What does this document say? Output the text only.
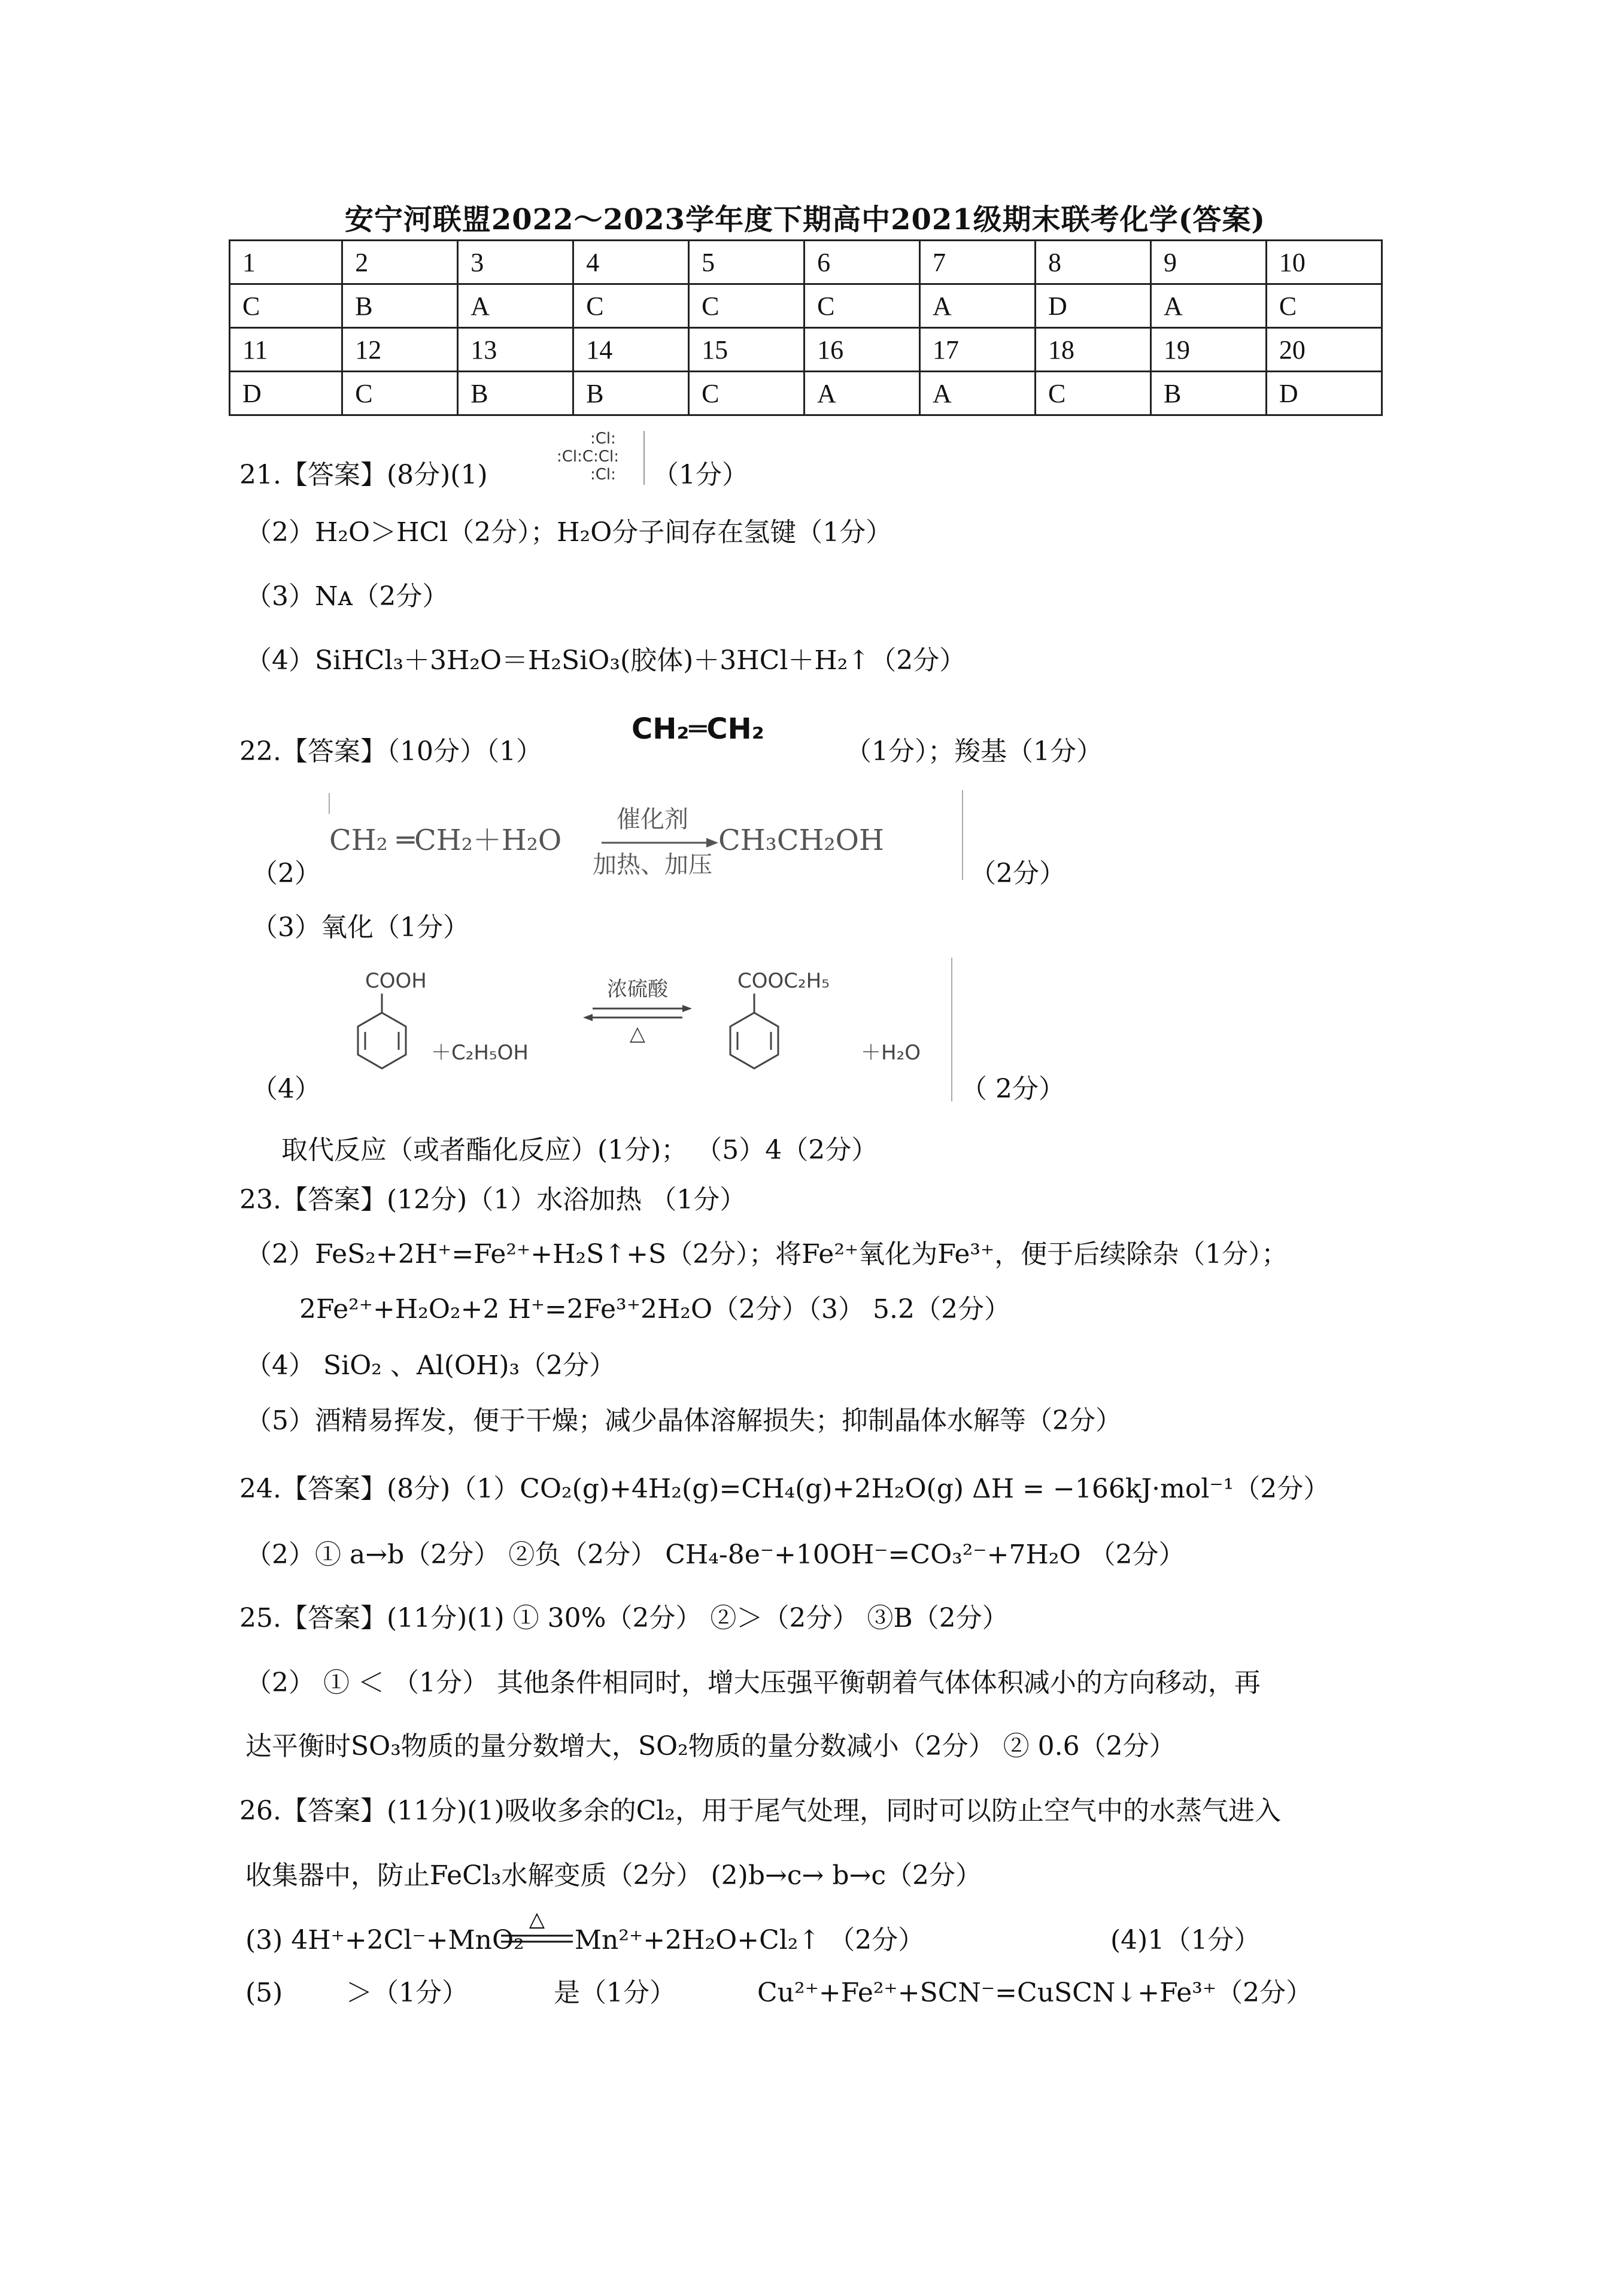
安宁河联盟2022～2023学年度下期高中2021级期末联考化学(答案)
1	2	3	4	5	6	7	8	9	10
C	B	A	C	C	C	A	D	A	C
11	12	13	14	15	16	17	18	19	20
D	C	B	B	C	A	A	C	B	D
21.【答案】(8分)(1)
:Cl:
:Cl:C:Cl:
:Cl: （1分）
（2）H₂O＞HCl（2分）；H₂O分子间存在氢键（1分）
（3）Nᴀ（2分）
（4）SiHCl₃＋3H₂O＝H₂SiO₃(胶体)＋3HCl＋H₂↑（2分）
22.【答案】（10分）（1）
CH₂═CH₂
（1分）；羧基（1分）
CH₂ ═CH₂＋H₂O
催化剂
加热、加压
CH₃CH₂OH
（2）	（2分）
（3）氧化（1分）
COOH
＋C₂H₅OH
浓硫酸
△
COOC₂H₅
＋H₂O
（4）	（ 2分）
取代反应（或者酯化反应）(1分)； （5）4（2分）
23.【答案】(12分)（1）水浴加热 （1分）
（2）FeS₂+2H⁺=Fe²⁺+H₂S↑+S（2分）；将Fe²⁺氧化为Fe³⁺，便于后续除杂（1分）；
2Fe²⁺+H₂O₂+2 H⁺=2Fe³⁺2H₂O（2分）（3） 5.2（2分）
（4） SiO₂ 、Al(OH)₃（2分）
（5）酒精易挥发，便于干燥；减少晶体溶解损失；抑制晶体水解等（2分）
24.【答案】(8分)（1）CO₂(g)+4H₂(g)=CH₄(g)+2H₂O(g) ΔH = −166kJ·mol⁻¹（2分）
（2）① a→b（2分） ②负（2分） CH₄-8e⁻+10OH⁻=CO₃²⁻+7H₂O （2分）
25.【答案】(11分)(1) ① 30%（2分） ②＞（2分） ③B（2分）
（2） ① ＜ （1分） 其他条件相同时，增大压强平衡朝着气体体积减小的方向移动，再
达平衡时SO₃物质的量分数增大，SO₂物质的量分数减小（2分） ② 0.6（2分）
26.【答案】(11分)(1)吸收多余的Cl₂，用于尾气处理，同时可以防止空气中的水蒸气进入
收集器中，防止FeCl₃水解变质（2分） (2)b→c→ b→c（2分）
(3) 4H⁺+2Cl⁻+MnO₂
△
Mn²⁺+2H₂O+Cl₂↑ （2分）	(4)1（1分）
(5) ＞（1分）	是（1分）	Cu²⁺+Fe²⁺+SCN⁻=CuSCN↓+Fe³⁺（2分）
